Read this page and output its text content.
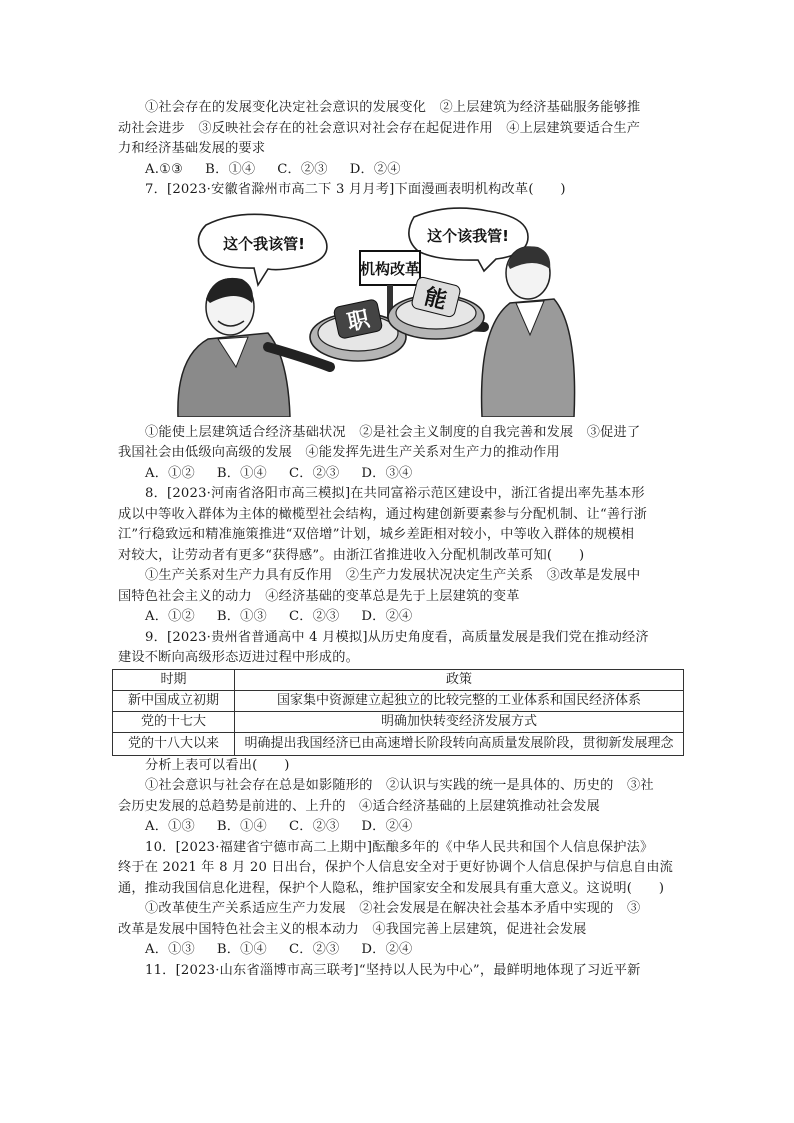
①社会存在的发展变化决定社会意识的发展变化　②上层建筑为经济基础服务能够推
动社会进步　③反映社会存在的社会意识对社会存在起促进作用　④上层建筑要适合生产
力和经济基础发展的要求
A.①③ B．①④ C．②③ D．②④
7．[2023·安徽省滁州市高二下 3 月月考]下面漫画表明机构改革(　　)
这个我该管!	这个该我管!
机构改革
职
能
①能使上层建筑适合经济基础状况　②是社会主义制度的自我完善和发展　③促进了
我国社会由低级向高级的发展　④能发挥先进生产关系对生产力的推动作用
A．①② B．①④ C．②③ D．③④
8．[2023·河南省洛阳市高三模拟]在共同富裕示范区建设中，浙江省提出率先基本形
成以中等收入群体为主体的橄榄型社会结构，通过构建创新要素参与分配机制、让“善行浙
江”行稳致远和精准施策推进“双倍增”计划，城乡差距相对较小，中等收入群体的规模相
对较大，让劳动者有更多“获得感”。由浙江省推进收入分配机制改革可知(　　)
①生产关系对生产力具有反作用　②生产力发展状况决定生产关系　③改革是发展中
国特色社会主义的动力　④经济基础的变革总是先于上层建筑的变革
A．①② B．①③ C．②③ D．②④
9．[2023·贵州省普通高中 4 月模拟]从历史角度看，高质量发展是我们党在推动经济
建设不断向高级形态迈进过程中形成的。
时期	政策
新中国成立初期	国家集中资源建立起独立的比较完整的工业体系和国民经济体系
党的十七大	明确加快转变经济发展方式
党的十八大以来	明确提出我国经济已由高速增长阶段转向高质量发展阶段，贯彻新发展理念
分析上表可以看出(　　)
①社会意识与社会存在总是如影随形的　②认识与实践的统一是具体的、历史的　③社
会历史发展的总趋势是前进的、上升的　④适合经济基础的上层建筑推动社会发展
A．①③ B．①④ C．②③ D．②④
10．[2023·福建省宁德市高二上期中]酝酿多年的《中华人民共和国个人信息保护法》
终于在 2021 年 8 月 20 日出台，保护个人信息安全对于更好协调个人信息保护与信息自由流
通，推动我国信息化进程，保护个人隐私，维护国家安全和发展具有重大意义。这说明(　　)
①改革使生产关系适应生产力发展　②社会发展是在解决社会基本矛盾中实现的　③
改革是发展中国特色社会主义的根本动力　④我国完善上层建筑，促进社会发展
A．①③ B．①④ C．②③ D．②④
11．[2023·山东省淄博市高三联考]“坚持以人民为中心”，最鲜明地体现了习近平新
